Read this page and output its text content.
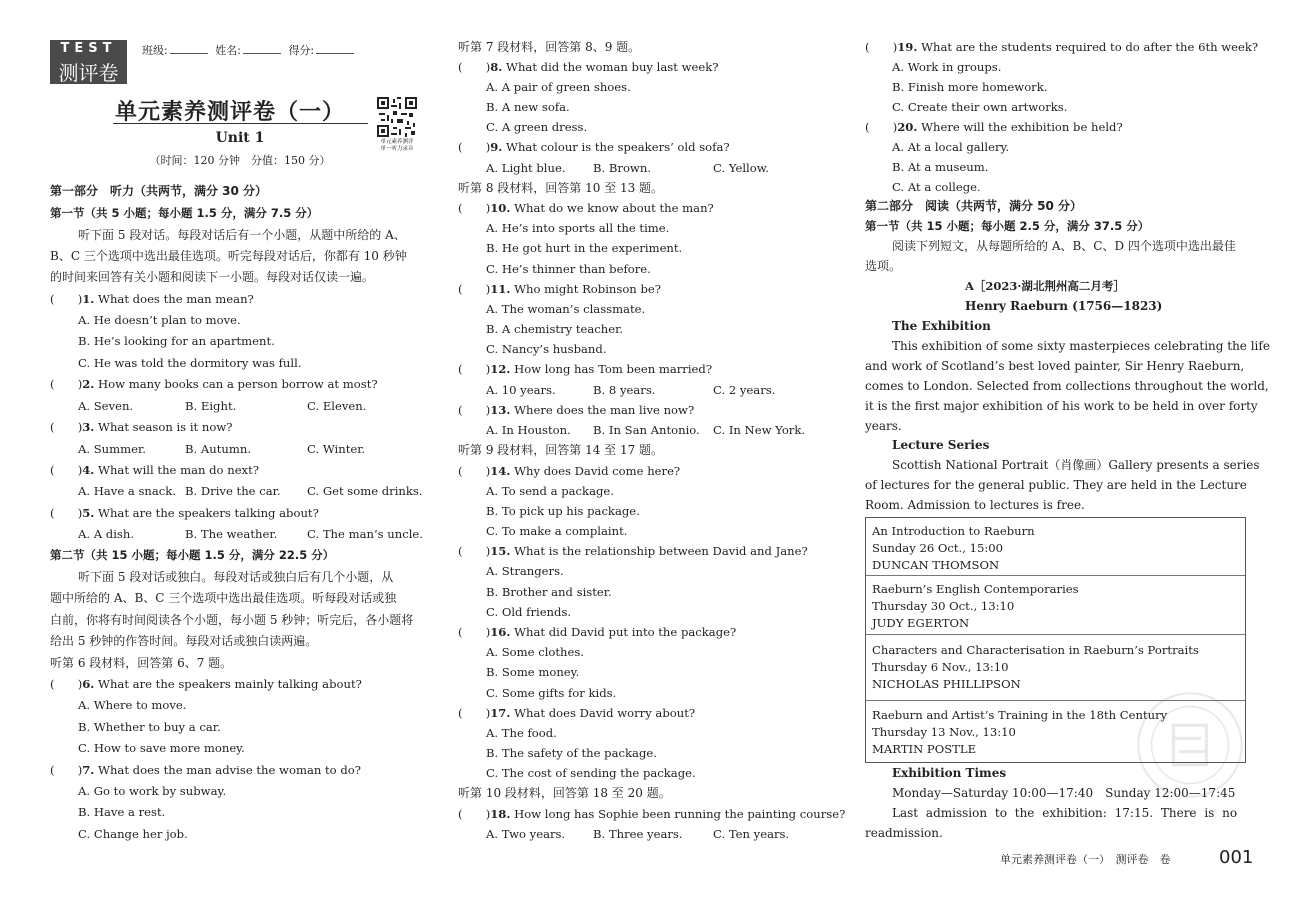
TEST
测评卷
班级:	姓名:	得分:
单元素养测评卷（一）
Unit 1
（时间：120 分钟　分值：150 分）
单元素养测评
单一听力录音
第一部分　听力（共两节，满分 30 分）
第一节（共 5 小题；每小题 1.5 分，满分 7.5 分）
听下面 5 段对话。每段对话后有一个小题，从题中所给的 A、
B、C 三个选项中选出最佳选项。听完每段对话后，你都有 10 秒钟
的时间来回答有关小题和阅读下一小题。每段对话仅读一遍。
(　　)1. What does the man mean?
A. He doesn’t plan to move.
B. He’s looking for an apartment.
C. He was told the dormitory was full.
(　　)2. How many books can a person borrow at most?
A. Seven.	B. Eight.	C. Eleven.
(　　)3. What season is it now?
A. Summer.	B. Autumn.	C. Winter.
(　　)4. What will the man do next?
A. Have a snack. B. Drive the car. C. Get some drinks.
(　　)5. What are the speakers talking about?
A. A dish.	B. The weather.	C. The man’s uncle.
第二节（共 15 小题；每小题 1.5 分，满分 22.5 分）
听下面 5 段对话或独白。每段对话或独白后有几个小题，从
题中所给的 A、B、C 三个选项中选出最佳选项。听每段对话或独
白前，你将有时间阅读各个小题，每小题 5 秒钟；听完后，各小题将
给出 5 秒钟的作答时间。每段对话或独白读两遍。
听第 6 段材料，回答第 6、7 题。
(　　)6. What are the speakers mainly talking about?
A. Where to move.
B. Whether to buy a car.
C. How to save more money.
(　　)7. What does the man advise the woman to do?
A. Go to work by subway.
B. Have a rest.
C. Change her job.
听第 7 段材料，回答第 8、9 题。
(　　)8. What did the woman buy last week?
A. A pair of green shoes.
B. A new sofa.
C. A green dress.
(　　)9. What colour is the speakers’ old sofa?
A. Light blue. B. Brown.	C. Yellow.
听第 8 段材料，回答第 10 至 13 题。
(　　)10. What do we know about the man?
A. He’s into sports all the time.
B. He got hurt in the experiment.
C. He’s thinner than before.
(　　)11. Who might Robinson be?
A. The woman’s classmate.
B. A chemistry teacher.
C. Nancy’s husband.
(　　)12. How long has Tom been married?
A. 10 years.	B. 8 years.	C. 2 years.
(　　)13. Where does the man live now?
A. In Houston. B. In San Antonio. C. In New York.
听第 9 段材料，回答第 14 至 17 题。
(　　)14. Why does David come here?
A. To send a package.
B. To pick up his package.
C. To make a complaint.
(　　)15. What is the relationship between David and Jane?
A. Strangers.
B. Brother and sister.
C. Old friends.
(　　)16. What did David put into the package?
A. Some clothes.
B. Some money.
C. Some gifts for kids.
(　　)17. What does David worry about?
A. The food.
B. The safety of the package.
C. The cost of sending the package.
听第 10 段材料，回答第 18 至 20 题。
(　　)18. How long has Sophie been running the painting course?
A. Two years. B. Three years.	C. Ten years.
(　　)19. What are the students required to do after the 6th week?
A. Work in groups.
B. Finish more homework.
C. Create their own artworks.
(　　)20. Where will the exhibition be held?
A. At a local gallery.
B. At a museum.
C. At a college.
第二部分　阅读（共两节，满分 50 分）
第一节（共 15 小题；每小题 2.5 分，满分 37.5 分）
阅读下列短文，从每题所给的 A、B、C、D 四个选项中选出最佳
选项。
A［2023·湖北荆州高二月考］
Henry Raeburn (1756—1823)
The Exhibition
This exhibition of some sixty masterpieces celebrating the life
and work of Scotland’s best loved painter, Sir Henry Raeburn,
comes to London. Selected from collections throughout the world,
it is the first major exhibition of his work to be held in over forty
years.
Lecture Series
Scottish National Portrait（肖像画）Gallery presents a series
of lectures for the general public. They are held in the Lecture
Room. Admission to lectures is free.
An Introduction to Raeburn
Sunday 26 Oct., 15:00
DUNCAN THOMSON
Raeburn’s English Contemporaries
Thursday 30 Oct., 13:10
JUDY EGERTON
Characters and Characterisation in Raeburn’s Portraits
Thursday 6 Nov., 13:10
NICHOLAS PHILLIPSON
Raeburn and Artist’s Training in the 18th Century
Thursday 13 Nov., 13:10
MARTIN POSTLE
Exhibition Times
Monday—Saturday 10:00—17:40　Sunday 12:00—17:45
Last admission to the exhibition: 17:15. There is no
readmission.
单元素养测评卷（一）　测评卷　卷	001
